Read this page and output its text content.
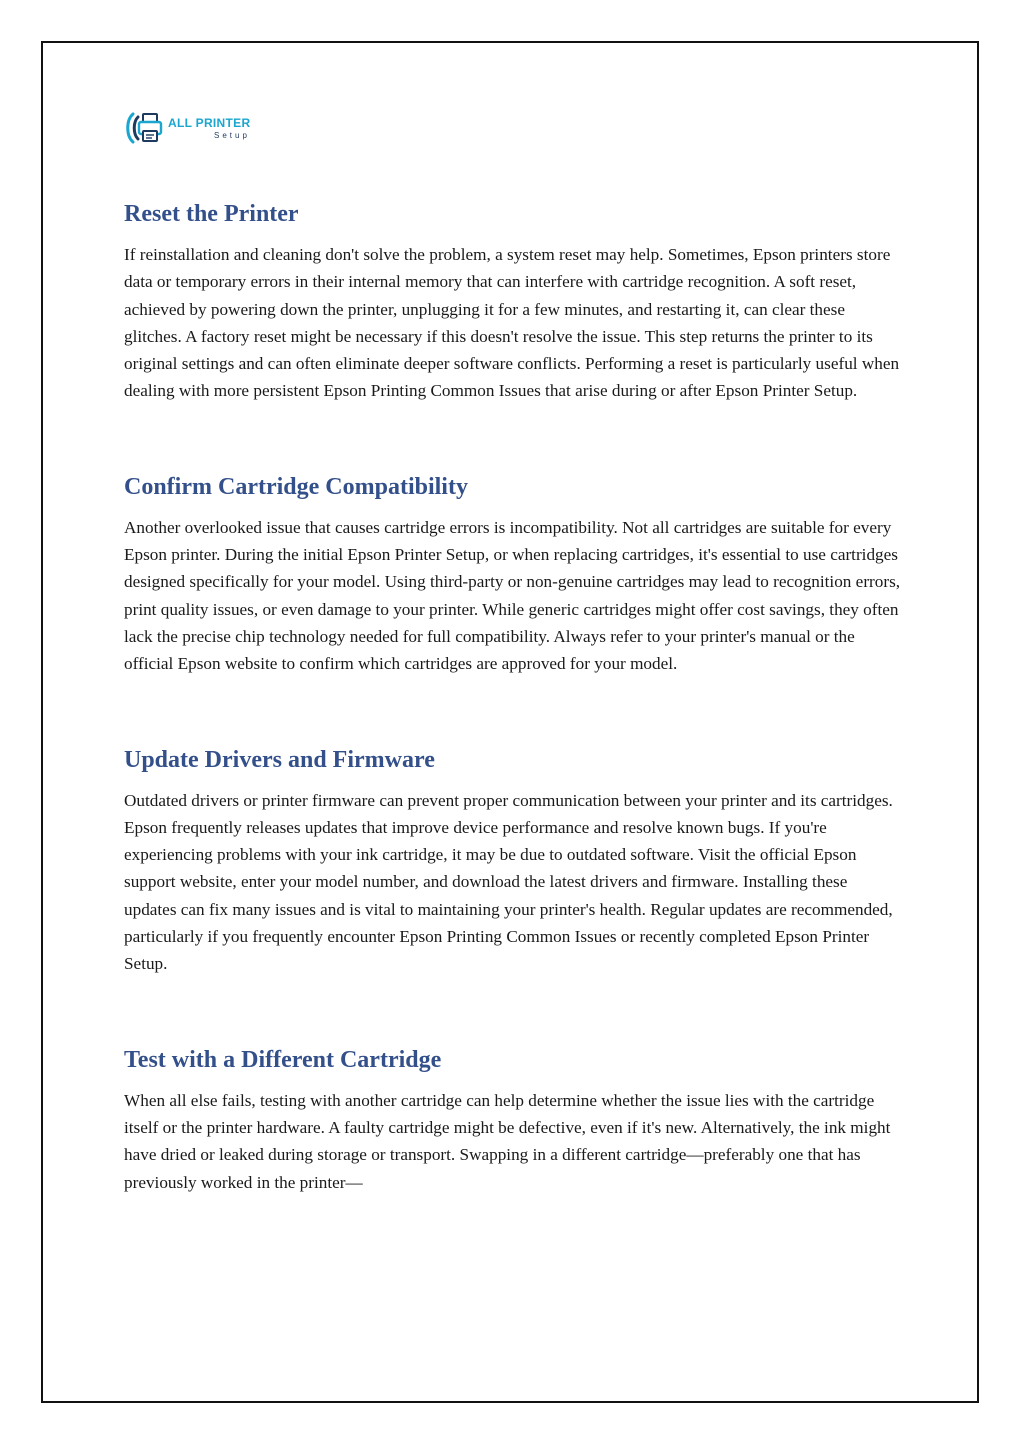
ALL PRINTER
Setup
Reset the Printer

If reinstallation and cleaning don't solve the problem, a system reset may help. Sometimes, Epson printers store data or temporary errors in their internal memory that can interfere with cartridge recognition. A soft reset, achieved by powering down the printer, unplugging it for a few minutes, and restarting it, can clear these glitches. A factory reset might be necessary if this doesn't resolve the issue. This step returns the printer to its original settings and can often eliminate deeper software conflicts. Performing a reset is particularly useful when dealing with more persistent Epson Printing Common Issues that arise during or after Epson Printer Setup.

Confirm Cartridge Compatibility

Another overlooked issue that causes cartridge errors is incompatibility. Not all cartridges are suitable for every Epson printer. During the initial Epson Printer Setup, or when replacing cartridges, it's essential to use cartridges designed specifically for your model. Using third-party or non-genuine cartridges may lead to recognition errors, print quality issues, or even damage to your printer. While generic cartridges might offer cost savings, they often lack the precise chip technology needed for full compatibility. Always refer to your printer's manual or the official Epson website to confirm which cartridges are approved for your model.

Update Drivers and Firmware

Outdated drivers or printer firmware can prevent proper communication between your printer and its cartridges. Epson frequently releases updates that improve device performance and resolve known bugs. If you're experiencing problems with your ink cartridge, it may be due to outdated software. Visit the official Epson support website, enter your model number, and download the latest drivers and firmware. Installing these updates can fix many issues and is vital to maintaining your printer's health. Regular updates are recommended, particularly if you frequently encounter Epson Printing Common Issues or recently completed Epson Printer Setup.

Test with a Different Cartridge

When all else fails, testing with another cartridge can help determine whether the issue lies with the cartridge itself or the printer hardware. A faulty cartridge might be defective, even if it's new. Alternatively, the ink might have dried or leaked during storage or transport. Swapping in a different cartridge—preferably one that has previously worked in the printer—
